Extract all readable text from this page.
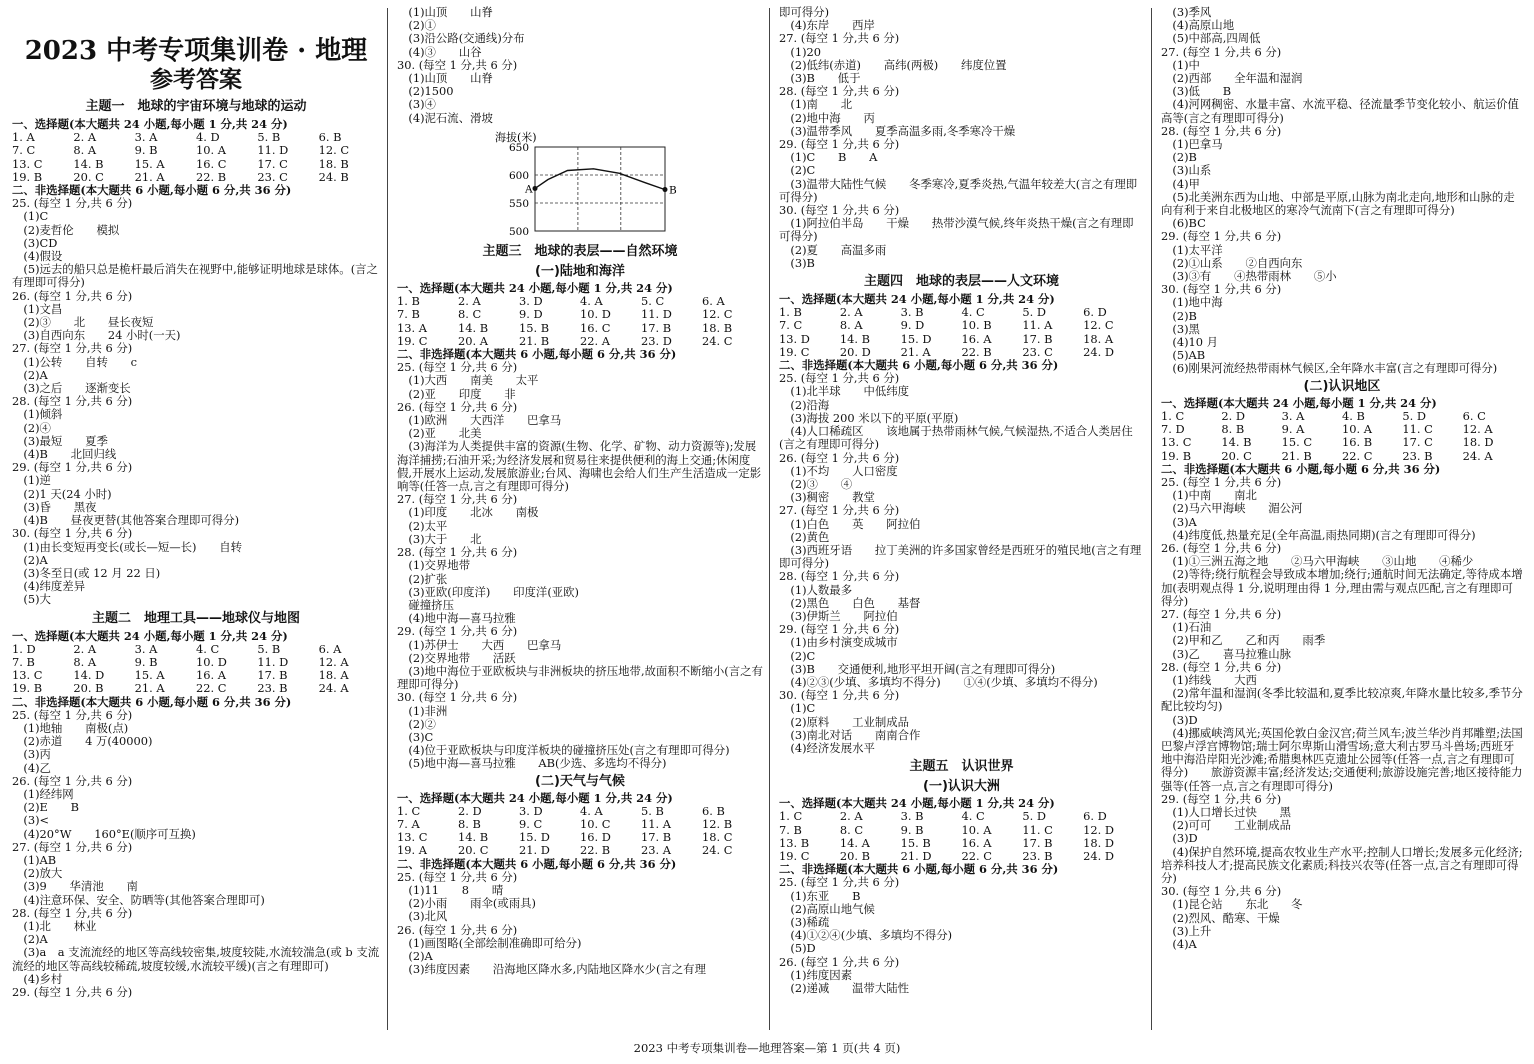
2023 中考专项集训卷 · 地理
参考答案
主题一　地球的宇宙环境与地球的运动
一、选择题(本大题共 24 小题,每小题 1 分,共 24 分)
1. A	2. A	3. A	4. D	5. B	6. B
7. C	8. A	9. B	10. A	11. D	12. C
13. C	14. B	15. A	16. C	17. C	18. B
19. B	20. C	21. A	22. B	23. C	24. B
二、非选择题(本大题共 6 小题,每小题 6 分,共 36 分)
25. (每空 1 分,共 6 分)
　(1)C
　(2)麦哲伦　　模拟
　(3)CD
　(4)假设
　(5)远去的船只总是桅杆最后消失在视野中,能够证明地球是球体。(言之有理即可得分)
26. (每空 1 分,共 6 分)
　(1)文昌
　(2)③　　北　　昼长夜短
　(3)自西向东　　24 小时(一天)
27. (每空 1 分,共 6 分)
　(1)公转　　自转　　c
　(2)A
　(3)之后　　逐渐变长
28. (每空 1 分,共 6 分)
　(1)倾斜
　(2)④
　(3)最短　　夏季
　(4)B　　北回归线
29. (每空 1 分,共 6 分)
　(1)逆
　(2)1 天(24 小时)
　(3)昏　　黑夜
　(4)B　　昼夜更替(其他答案合理即可得分)
30. (每空 1 分,共 6 分)
　(1)由长变短再变长(或长—短—长)　　自转
　(2)A
　(3)冬至日(或 12 月 22 日)
　(4)纬度差异
　(5)大
主题二　地理工具——地球仪与地图
一、选择题(本大题共 24 小题,每小题 1 分,共 24 分)
1. D	2. A	3. A	4. C	5. B	6. A
7. B	8. A	9. B	10. D	11. D	12. A
13. C	14. D	15. A	16. A	17. B	18. A
19. B	20. B	21. A	22. C	23. B	24. A
二、非选择题(本大题共 6 小题,每小题 6 分,共 36 分)
25. (每空 1 分,共 6 分)
　(1)地轴　　南极(点)
　(2)赤道　　4 万(40000)
　(3)丙
　(4)乙
26. (每空 1 分,共 6 分)
　(1)经纬网
　(2)E　　B
　(3)<
　(4)20°W　　160°E(顺序可互换)
27. (每空 1 分,共 6 分)
　(1)AB
　(2)放大
　(3)9　　华清池　　南
　(4)注意环保、安全、防晒等(其他答案合理即可)
28. (每空 1 分,共 6 分)
　(1)北　　林业
　(2)A
　(3)a　a 支流流经的地区等高线较密集,坡度较陡,水流较湍急(或 b 支流流经的地区等高线较稀疏,坡度较缓,水流较平缓)(言之有理即可)
　(4)乡村
29. (每空 1 分,共 6 分)
　(1)山顶　　山脊
　(2)①
　(3)沿公路(交通线)分布
　(4)③　　山谷
30. (每空 1 分,共 6 分)
　(1)山顶　　山脊
　(2)1500
　(3)④
　(4)泥石流、滑坡
海拔(米)
650
600
550
500
A	B
主题三　地球的表层——自然环境
(一)陆地和海洋
一、选择题(本大题共 24 小题,每小题 1 分,共 24 分)
1. B	2. A	3. D	4. A	5. C	6. A
7. B	8. C	9. D	10. D	11. D	12. C
13. A	14. B	15. B	16. C	17. B	18. B
19. C	20. A	21. B	22. A	23. D	24. C
二、非选择题(本大题共 6 小题,每小题 6 分,共 36 分)
25. (每空 1 分,共 6 分)
　(1)大西　　南美　　太平
　(2)亚　　印度　　非
26. (每空 1 分,共 6 分)
　(1)欧洲　　大西洋　　巴拿马
　(2)亚　　北美
　(3)海洋为人类提供丰富的资源(生物、化学、矿物、动力资源等);发展海洋捕捞;石油开采;为经济发展和贸易往来提供便利的海上交通;休闲度假,开展水上运动,发展旅游业;台风、海啸也会给人们生产生活造成一定影响等(任答一点,言之有理即可得分)
27. (每空 1 分,共 6 分)
　(1)印度　　北冰　　南极
　(2)太平
　(3)大于　　北
28. (每空 1 分,共 6 分)
　(1)交界地带
　(2)扩张
　(3)亚欧(印度洋)　　印度洋(亚欧)
　碰撞挤压
　(4)地中海—喜马拉雅
29. (每空 1 分,共 6 分)
　(1)苏伊士　　大西　　巴拿马
　(2)交界地带　　活跃
　(3)地中海位于亚欧板块与非洲板块的挤压地带,故面积不断缩小(言之有理即可得分)
30. (每空 1 分,共 6 分)
　(1)非洲
　(2)②
　(3)C
　(4)位于亚欧板块与印度洋板块的碰撞挤压处(言之有理即可得分)
　(5)地中海—喜马拉雅　　AB(少选、多选均不得分)
(二)天气与气候
一、选择题(本大题共 24 小题,每小题 1 分,共 24 分)
1. C	2. D	3. D	4. A	5. B	6. B
7. A	8. B	9. C	10. C	11. A	12. B
13. C	14. B	15. D	16. D	17. B	18. C
19. A	20. C	21. D	22. B	23. A	24. C
二、非选择题(本大题共 6 小题,每小题 6 分,共 36 分)
25. (每空 1 分,共 6 分)
　(1)11　　8　　晴
　(2)小雨　　雨伞(或雨具)
　(3)北风
26. (每空 1 分,共 6 分)
　(1)画图略(全部绘制准确即可给分)
　(2)A
　(3)纬度因素　　沿海地区降水多,内陆地区降水少(言之有理
即可得分)
　(4)东岸　　西岸
27. (每空 1 分,共 6 分)
　(1)20
　(2)低纬(赤道)　　高纬(两极)　　纬度位置
　(3)B　　低于
28. (每空 1 分,共 6 分)
　(1)南　　北
　(2)地中海　　丙
　(3)温带季风　　夏季高温多雨,冬季寒冷干燥
29. (每空 1 分,共 6 分)
　(1)C　　B　　A
　(2)C
　(3)温带大陆性气候　　冬季寒冷,夏季炎热,气温年较差大(言之有理即可得分)
30. (每空 1 分,共 6 分)
　(1)阿拉伯半岛　　干燥　　热带沙漠气候,终年炎热干燥(言之有理即可得分)
　(2)夏　　高温多雨
　(3)B
主题四　地球的表层——人文环境
一、选择题(本大题共 24 小题,每小题 1 分,共 24 分)
1. B	2. A	3. B	4. C	5. D	6. D
7. C	8. A	9. D	10. B	11. A	12. C
13. D	14. B	15. D	16. A	17. B	18. A
19. C	20. D	21. A	22. B	23. C	24. D
二、非选择题(本大题共 6 小题,每小题 6 分,共 36 分)
25. (每空 1 分,共 6 分)
　(1)北半球　　中低纬度
　(2)沿海
　(3)海拔 200 米以下的平原(平原)
　(4)人口稀疏区　　该地属于热带雨林气候,气候湿热,不适合人类居住(言之有理即可得分)
26. (每空 1 分,共 6 分)
　(1)不均　　人口密度
　(2)③　　④
　(3)稠密　　教堂
27. (每空 1 分,共 6 分)
　(1)白色　　英　　阿拉伯
　(2)黄色
　(3)西班牙语　　拉丁美洲的许多国家曾经是西班牙的殖民地(言之有理即可得分)
28. (每空 1 分,共 6 分)
　(1)人数最多
　(2)黑色　　白色　　基督
　(3)伊斯兰　　阿拉伯
29. (每空 1 分,共 6 分)
　(1)由乡村演变成城市
　(2)C
　(3)B　　交通便利,地形平坦开阔(言之有理即可得分)
　(4)②③(少填、多填均不得分)　　①④(少填、多填均不得分)
30. (每空 1 分,共 6 分)
　(1)C
　(2)原料　　工业制成品
　(3)南北对话　　南南合作
　(4)经济发展水平
主题五　认识世界
(一)认识大洲
一、选择题(本大题共 24 小题,每小题 1 分,共 24 分)
1. C	2. A	3. B	4. C	5. D	6. D
7. B	8. C	9. B	10. A	11. C	12. D
13. B	14. A	15. B	16. A	17. B	18. D
19. C	20. B	21. D	22. C	23. B	24. D
二、非选择题(本大题共 6 小题,每小题 6 分,共 36 分)
25. (每空 1 分,共 6 分)
　(1)东亚　　B
　(2)高原山地气候
　(3)稀疏
　(4)①②④(少填、多填均不得分)
　(5)D
26. (每空 1 分,共 6 分)
　(1)纬度因素
　(2)递减　　温带大陆性
　(3)季风
　(4)高原山地
　(5)中部高,四周低
27. (每空 1 分,共 6 分)
　(1)中
　(2)西部　　全年温和湿润
　(3)低　　B
　(4)河网稠密、水量丰富、水流平稳、径流量季节变化较小、航运价值高等(言之有理即可得分)
28. (每空 1 分,共 6 分)
　(1)巴拿马
　(2)B
　(3)山系
　(4)甲
　(5)北美洲东西为山地、中部是平原,山脉为南北走向,地形和山脉的走向有利于来自北极地区的寒冷气流南下(言之有理即可得分)
　(6)BC
29. (每空 1 分,共 6 分)
　(1)太平洋
　(2)①山系　　②自西向东
　(3)③有　　④热带雨林　　⑤小
30. (每空 1 分,共 6 分)
　(1)地中海
　(2)B
　(3)黑
　(4)10 月
　(5)AB
　(6)刚果河流经热带雨林气候区,全年降水丰富(言之有理即可得分)
(二)认识地区
一、选择题(本大题共 24 小题,每小题 1 分,共 24 分)
1. C	2. D	3. A	4. B	5. D	6. C
7. D	8. B	9. A	10. A	11. C	12. A
13. C	14. B	15. C	16. B	17. C	18. D
19. B	20. C	21. B	22. C	23. B	24. A
二、非选择题(本大题共 6 小题,每小题 6 分,共 36 分)
25. (每空 1 分,共 6 分)
　(1)中南　　南北
　(2)马六甲海峡　　湄公河
　(3)A
　(4)纬度低,热量充足(全年高温,雨热同期)(言之有理即可得分)
26. (每空 1 分,共 6 分)
　(1)①三洲五海之地　　②马六甲海峡　　③山地　　④稀少
　(2)等待;绕行航程会导致成本增加;绕行;通航时间无法确定,等待成本增加(表明观点得 1 分,说明理由得 1 分,理由需与观点匹配,言之有理即可得分)
27. (每空 1 分,共 6 分)
　(1)石油
　(2)甲和乙　　乙和丙　　雨季
　(3)乙　　喜马拉雅山脉
28. (每空 1 分,共 6 分)
　(1)纬线　　大西
　(2)常年温和湿润(冬季比较温和,夏季比较凉爽,年降水量比较多,季节分配比较均匀)
　(3)D
　(4)挪威峡湾风光;英国伦敦白金汉宫;荷兰风车;波兰华沙肖邦雕塑;法国巴黎卢浮宫博物馆;瑞士阿尔卑斯山滑雪场;意大利古罗马斗兽场;西班牙地中海沿岸阳光沙滩;希腊奥林匹克遗址公园等(任答一点,言之有理即可得分)　　旅游资源丰富;经济发达;交通便利;旅游设施完善;地区接待能力强等(任答一点,言之有理即可得分)
29. (每空 1 分,共 6 分)
　(1)人口增长过快　　黑
　(2)可可　　工业制成品
　(3)D
　(4)保护自然环境,提高农牧业生产水平;控制人口增长;发展多元化经济;培养科技人才;提高民族文化素质;科技兴农等(任答一点,言之有理即可得分)
30. (每空 1 分,共 6 分)
　(1)昆仑站　　东北　　冬
　(2)烈风、酷寒、干燥
　(3)上升
　(4)A
2023 中考专项集训卷—地理答案—第 1 页(共 4 页)
